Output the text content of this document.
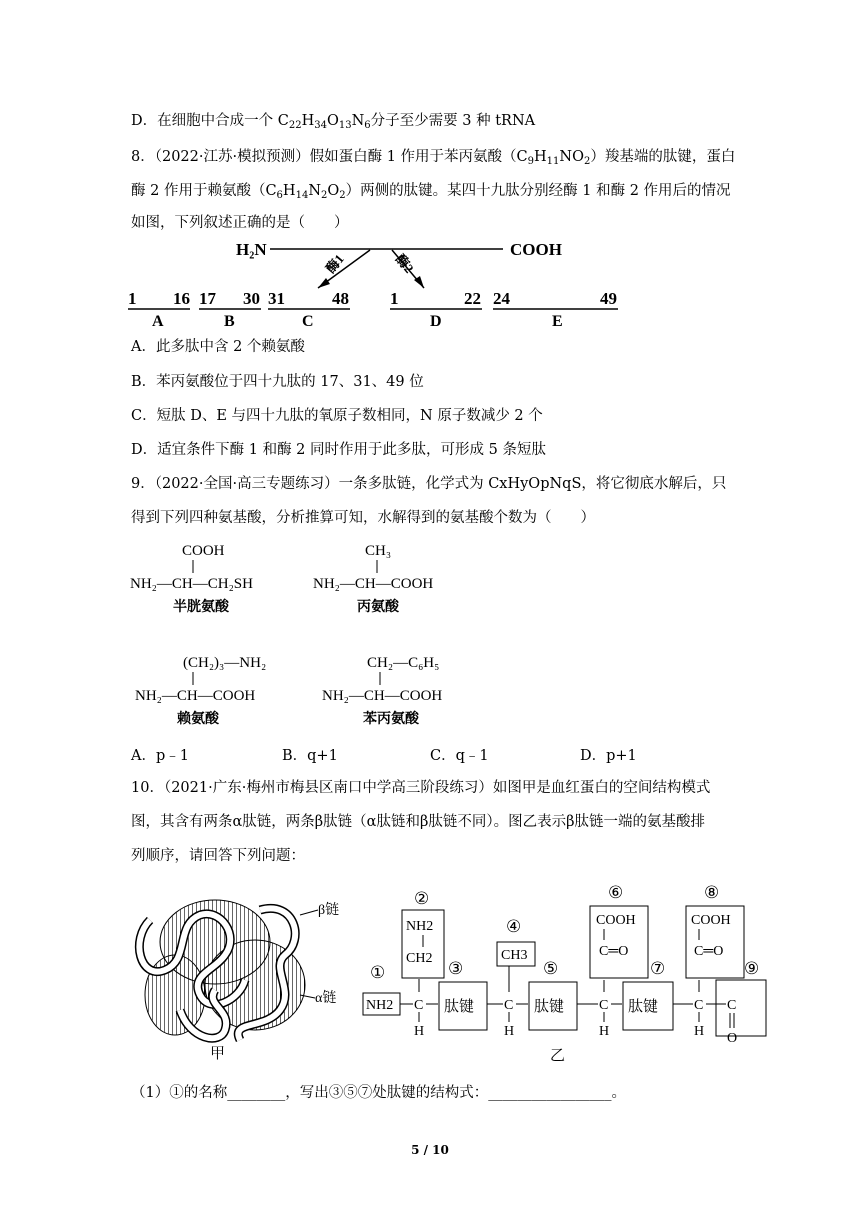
D．在细胞中合成一个 $C_{22}H_{34}O_{13}N_6$分子至少需要 3 种 tRNA
8．（2022·江苏·模拟预测）假如蛋白酶 1 作用于苯丙氨酸$(C_9H_{11}NO_2)$羧基端的肽键，蛋白
酶 2 作用于赖氨酸$(C_6H_{14}N_2O_2)$两侧的肽键。某四十九肽分别经酶 1 和酶 2 作用后的情况
如图，下列叙述正确的是（　　）
H₂N	COOH
酶1	酶2
1 16 17 30 31	48 1	22 24	49
A	B	C	D	E
A．此多肽中含 2 个赖氨酸
B．苯丙氨酸位于四十九肽的 17、31、49 位
C．短肽 D、E 与四十九肽的氧原子数相同，N 原子数减少 2 个
D．适宜条件下酶 1 和酶 2 同时作用于此多肽，可形成 5 条短肽
9．（2022·全国·高三专题练习）一条多肽链，化学式为 CxHyOpNqS，将它彻底水解后，只
得到下列四种氨基酸，分析推算可知，水解得到的氨基酸个数为（　　）
COOH
NH₂—CH—CH₂SH
半胱氨酸
CH₃
NH₂—CH—COOH
丙氨酸
(CH₂)₃—NH₂
NH₂—CH—COOH
赖氨酸
CH₂—C₆H₅
NH₂—CH—COOH
苯丙氨酸
A．p﹣1	B．q+1	C．q﹣1	D．p+1
10．（2021·广东·梅州市梅县区南口中学高三阶段练习）如图甲是血红蛋白的空间结构模式
图，其含有两条α肽链，两条β肽链（α肽链和β肽链不同）。图乙表示β肽链一端的氨基酸排
列顺序，请回答下列问题：
β链
α链
甲
①
NH2 C
H
②
NH2
CH2
③
肽键 C
H
④
CH3
⑤
肽键 C
H
⑥
COOH
C═O
⑦
肽键	C
H
⑧
COOH
C═O
⑨
C
O
乙
（1）①的名称________，写出③⑤⑦处肽键的结构式：_________________。
5 / 10
